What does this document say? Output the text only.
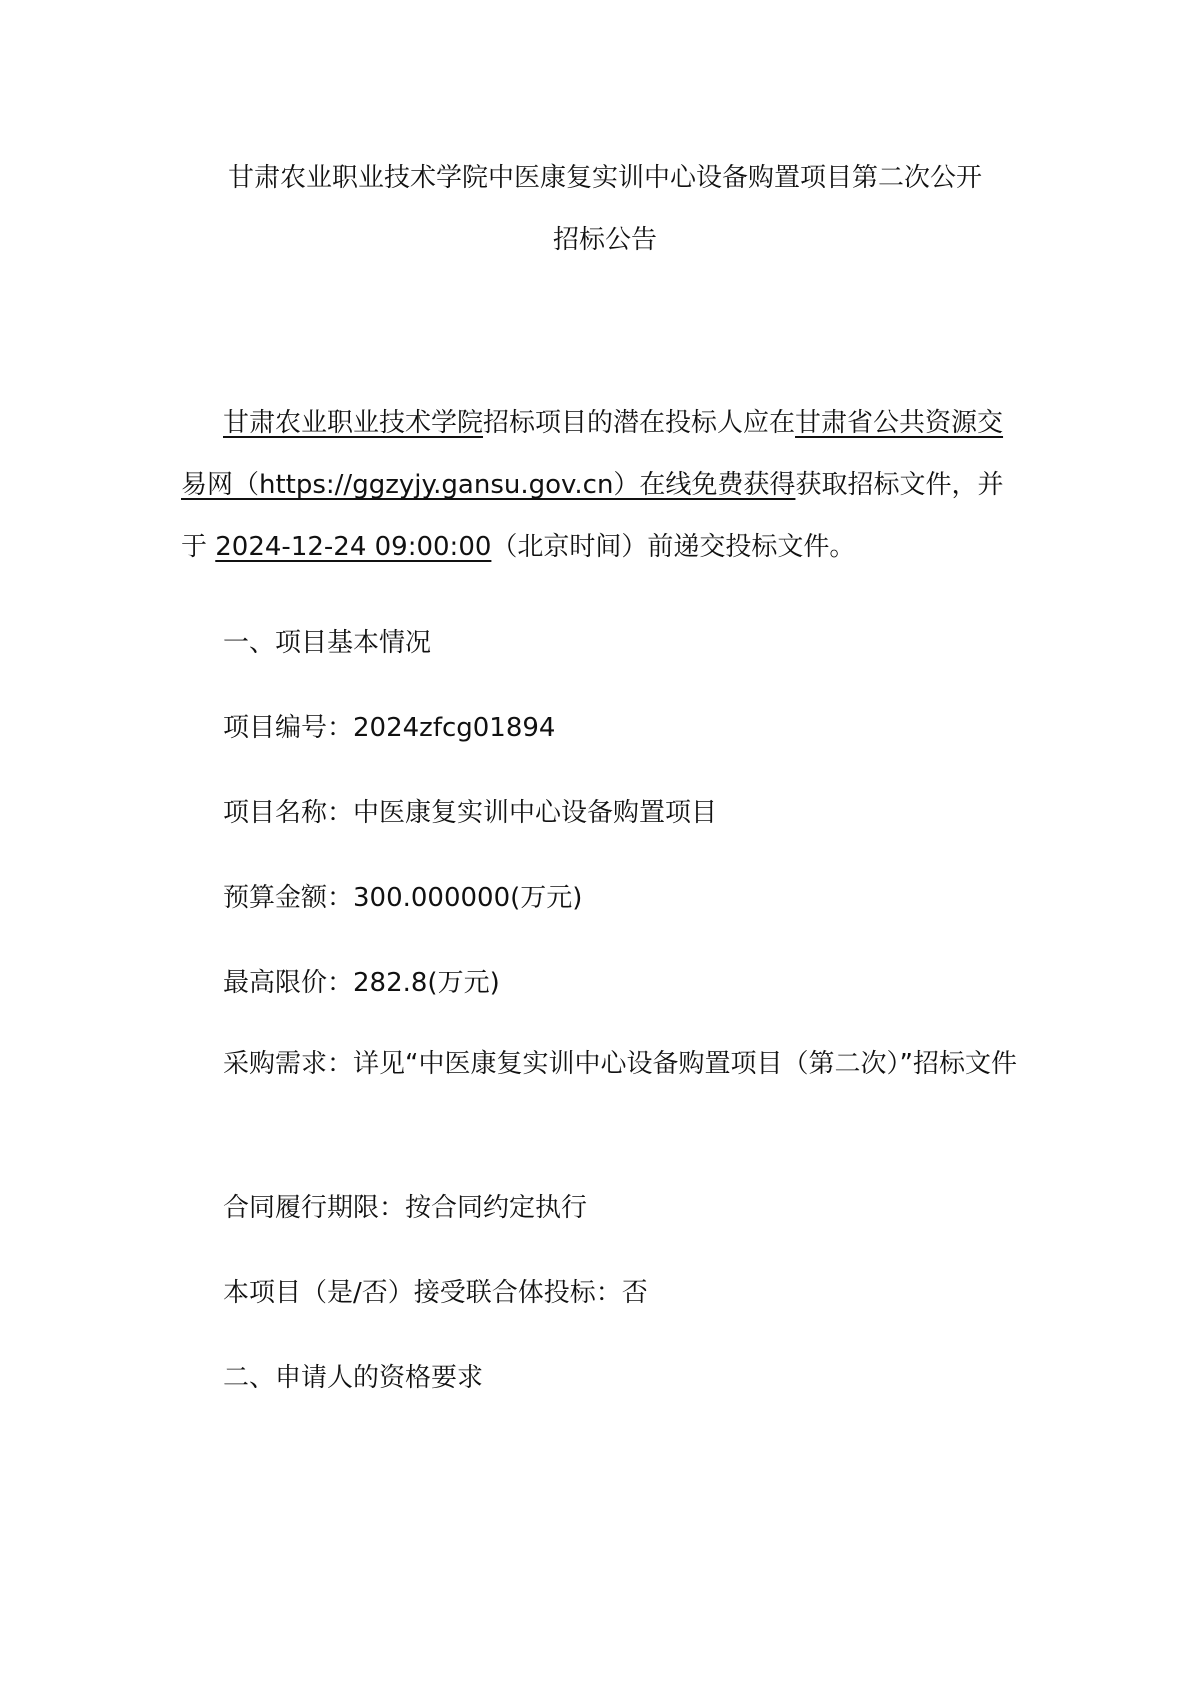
甘肃农业职业技术学院中医康复实训中心设备购置项目第二次公开
招标公告
甘肃农业职业技术学院招标项目的潜在投标人应在甘肃省公共资源交易网（https://ggzyjy.gansu.gov.cn）在线免费获得获取招标文件，并于 2024-12-24 09:00:00（北京时间）前递交投标文件。
一、项目基本情况
项目编号：2024zfcg01894
项目名称：中医康复实训中心设备购置项目
预算金额：300.000000(万元)
最高限价：282.8(万元)
采购需求：详见“中医康复实训中心设备购置项目（第二次）”招标文件
合同履行期限：按合同约定执行
本项目（是/否）接受联合体投标：否
二、申请人的资格要求
